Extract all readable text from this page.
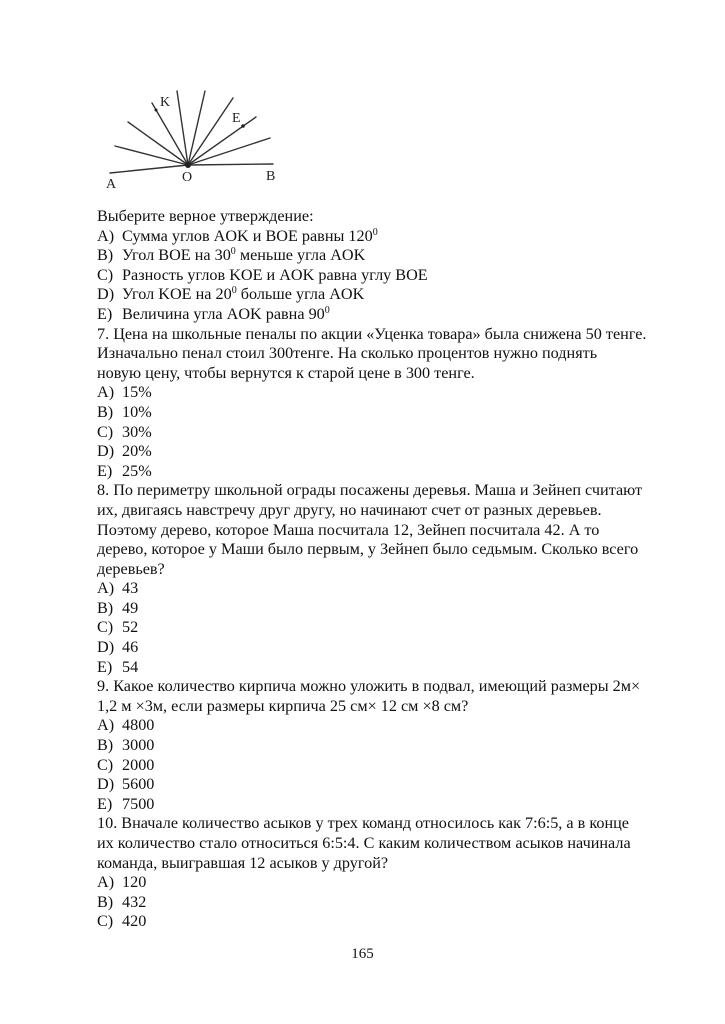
A	O	B
K
E
Выберите верное утверждение:
A) Сумма углов AOK и BOE равны $120^0$
B) Угол BOE на $30^0$ меньше угла AOK
C) Разность углов KOE и AOK равна углу BOE
D) Угол KOE на $20^0$ больше угла AOK
E) Величина угла AOK равна $90^0$
7. Цена на школьные пеналы по акции «Уценка товара» была снижена 50 тенге.
Изначально пенал стоил 300тенге. На сколько процентов нужно поднять
новую цену, чтобы вернутся к старой цене в 300 тенге.
A) 15%
B) 10%
C) 30%
D) 20%
E) 25%
8. По периметру школьной ограды посажены деревья. Маша и Зейнеп считают
их, двигаясь навстречу друг другу, но начинают счет от разных деревьев.
Поэтому дерево, которое Маша посчитала 12, Зейнеп посчитала 42. А то
дерево, которое у Маши было первым, у Зейнеп было седьмым. Сколько всего
деревьев?
A) 43
B) 49
C) 52
D) 46
E) 54
9. Какое количество кирпича можно уложить в подвал, имеющий размеры 2м×
1,2 м ×3м, если размеры кирпича 25 см× 12 см ×8 см?
A) 4800
B) 3000
C) 2000
D) 5600
E) 7500
10. Вначале количество асыков у трех команд относилось как 7:6:5, а в конце
их количество стало относиться 6:5:4. С каким количеством асыков начинала
команда, выигравшая 12 асыков у другой?
A) 120
B) 432
C) 420
165
